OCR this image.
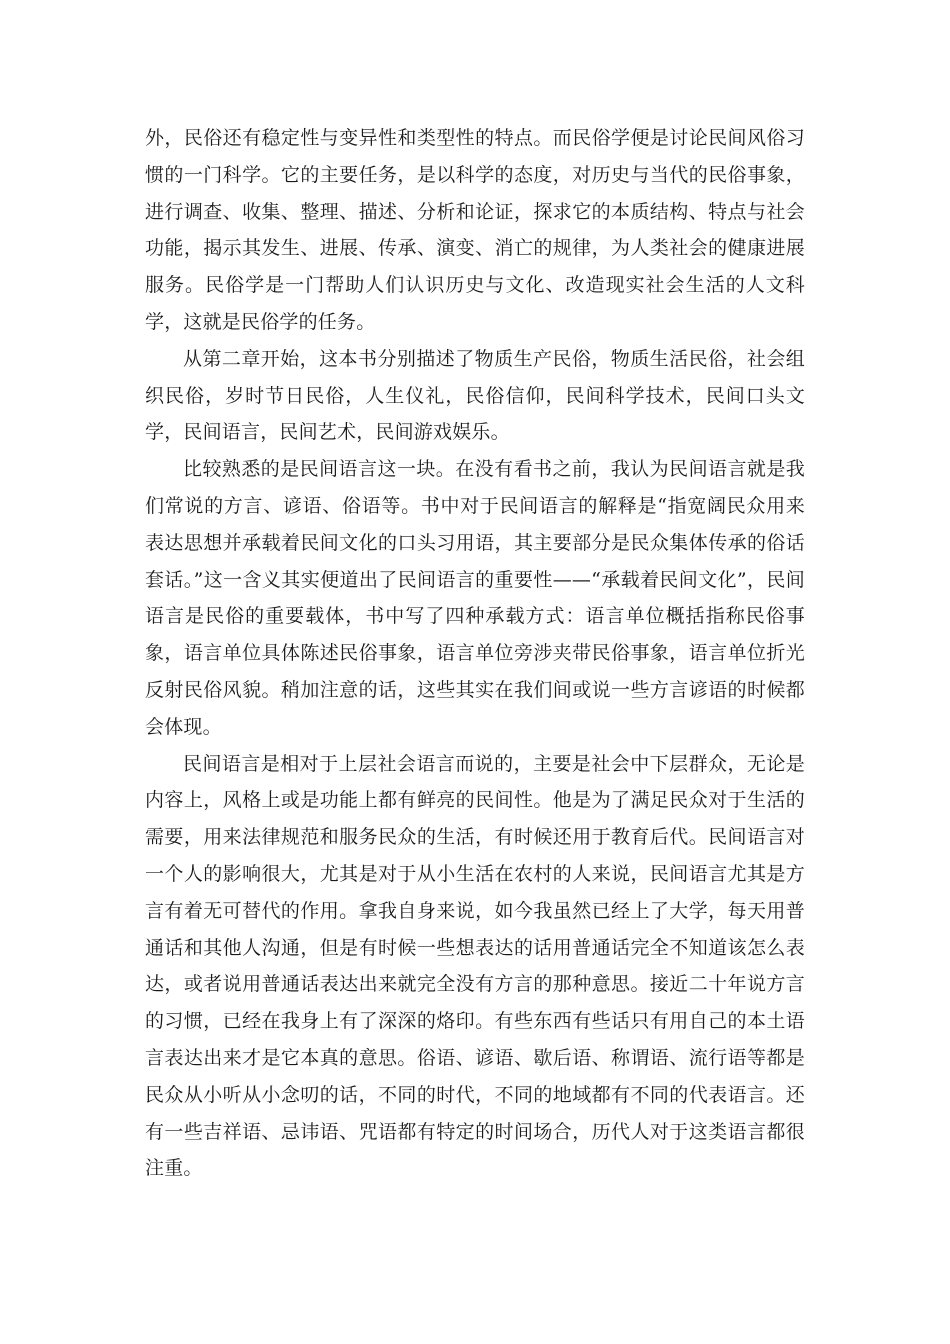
外，民俗还有稳定性与变异性和类型性的特点。而民俗学便是讨论民间风俗习惯的一门科学。它的主要任务，是以科学的态度，对历史与当代的民俗事象，进行调查、收集、整理、描述、分析和论证，探求它的本质结构、特点与社会功能，揭示其发生、进展、传承、演变、消亡的规律，为人类社会的健康进展服务。民俗学是一门帮助人们认识历史与文化、改造现实社会生活的人文科学，这就是民俗学的任务。

从第二章开始，这本书分别描述了物质生产民俗，物质生活民俗，社会组织民俗，岁时节日民俗，人生仪礼，民俗信仰，民间科学技术，民间口头文学，民间语言，民间艺术，民间游戏娱乐。

比较熟悉的是民间语言这一块。在没有看书之前，我认为民间语言就是我们常说的方言、谚语、俗语等。书中对于民间语言的解释是“指宽阔民众用来表达思想并承载着民间文化的口头习用语，其主要部分是民众集体传承的俗话套话。”这一含义其实便道出了民间语言的重要性——“承载着民间文化”，民间语言是民俗的重要载体，书中写了四种承载方式：语言单位概括指称民俗事象，语言单位具体陈述民俗事象，语言单位旁涉夹带民俗事象，语言单位折光反射民俗风貌。稍加注意的话，这些其实在我们间或说一些方言谚语的时候都会体现。

民间语言是相对于上层社会语言而说的，主要是社会中下层群众，无论是内容上，风格上或是功能上都有鲜亮的民间性。他是为了满足民众对于生活的需要，用来法律规范和服务民众的生活，有时候还用于教育后代。民间语言对一个人的影响很大，尤其是对于从小生活在农村的人来说，民间语言尤其是方言有着无可替代的作用。拿我自身来说，如今我虽然已经上了大学，每天用普通话和其他人沟通，但是有时候一些想表达的话用普通话完全不知道该怎么表达，或者说用普通话表达出来就完全没有方言的那种意思。接近二十年说方言的习惯，已经在我身上有了深深的烙印。有些东西有些话只有用自己的本土语言表达出来才是它本真的意思。俗语、谚语、歇后语、称谓语、流行语等都是民众从小听从小念叨的话，不同的时代，不同的地域都有不同的代表语言。还有一些吉祥语、忌讳语、咒语都有特定的时间场合，历代人对于这类语言都很注重。
